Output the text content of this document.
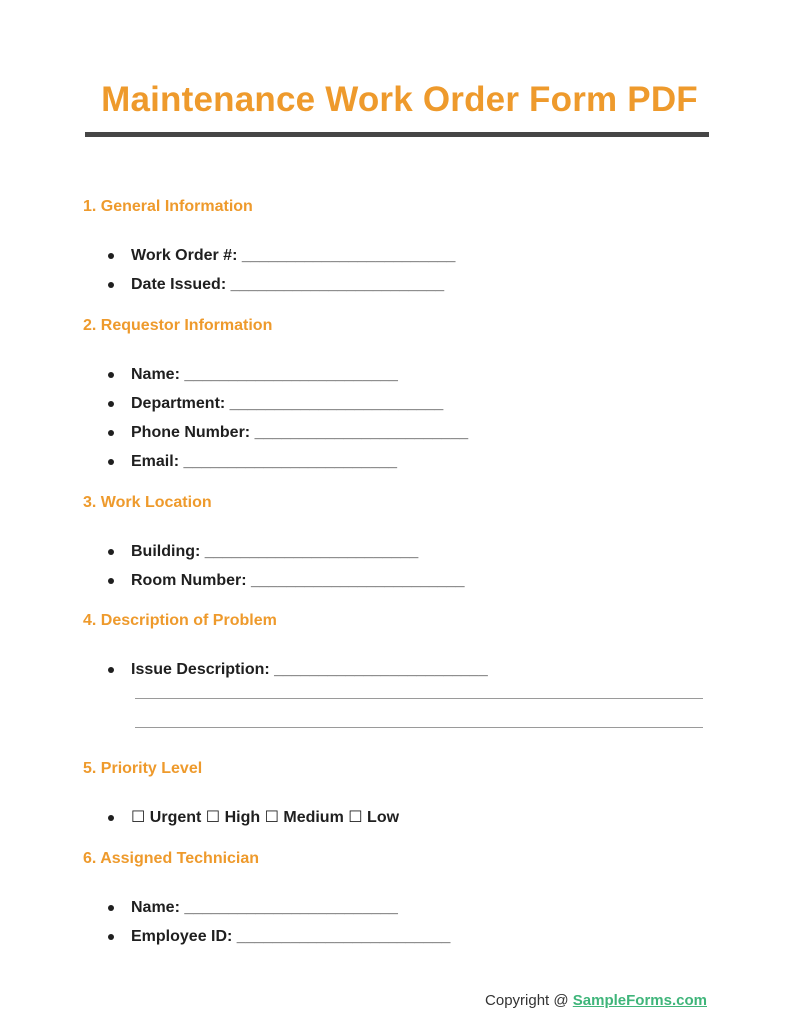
Maintenance Work Order Form PDF
1. General Information
Work Order #: ________________________
Date Issued: ________________________
2. Requestor Information
Name: ________________________
Department: ________________________
Phone Number: ________________________
Email: ________________________
3. Work Location
Building: ________________________
Room Number: ________________________
4. Description of Problem
Issue Description: ________________________
5. Priority Level
☐ Urgent ☐ High ☐ Medium ☐ Low
6. Assigned Technician
Name: ________________________
Employee ID: ________________________
Copyright @ SampleForms.com
